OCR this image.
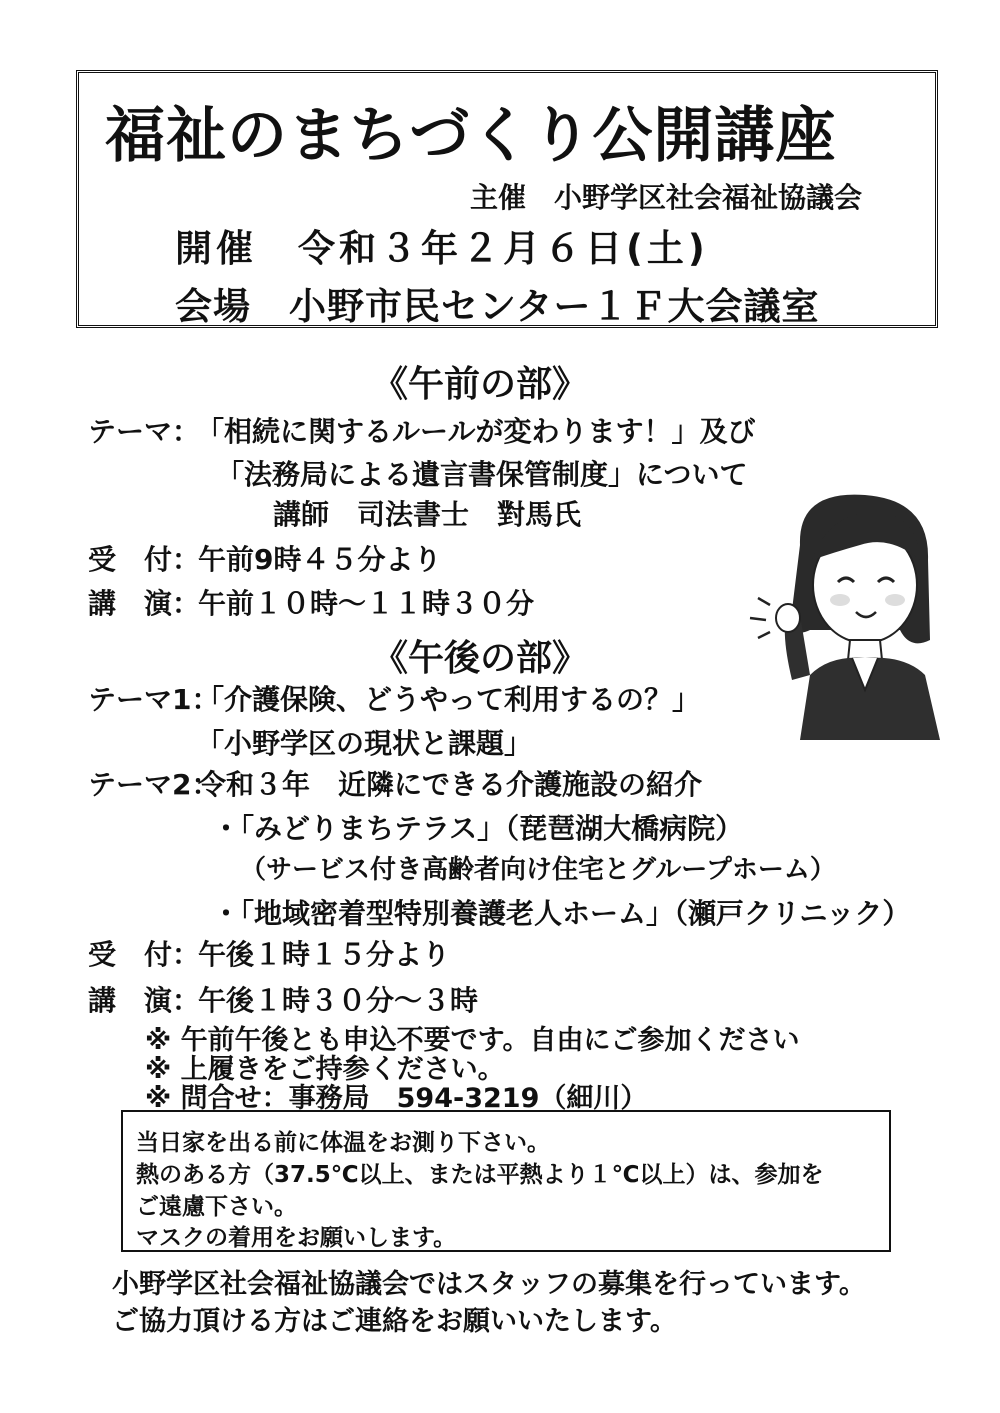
福祉のまちづくり公開講座
主催　小野学区社会福祉協議会
開催　令和３年２月６日(土)
会場　小野市民センター１Ｆ大会議室
《午前の部》
テーマ：
「相続に関するルールが変わります！」及び
「法務局による遺言書保管制度」について
講師　司法書士　對馬氏
受　付：
午前9時４５分より
講　演：
午前１０時～１１時３０分
《午後の部》
テーマ1：
「介護保険、どうやって利用するの？」
「小野学区の現状と課題」
テーマ2：
令和３年　近隣にできる介護施設の紹介
・「みどりまちテラス」（琵琶湖大橋病院）
（サービス付き高齢者向け住宅とグループホーム）
・「地域密着型特別養護老人ホーム」（瀬戸クリニック）
受　付：
午後１時１５分より
講　演：
午後１時３０分～３時
※ 午前午後とも申込不要です。自由にご参加ください
※ 上履きをご持参ください。
※ 問合せ：事務局　594-3219（細川）
当日家を出る前に体温をお測り下さい。
熱のある方（37.5℃以上、または平熱より１℃以上）は、参加を
ご遠慮下さい。
マスクの着用をお願いします。
小野学区社会福祉協議会ではスタッフの募集を行っています。
ご協力頂ける方はご連絡をお願いいたします。
